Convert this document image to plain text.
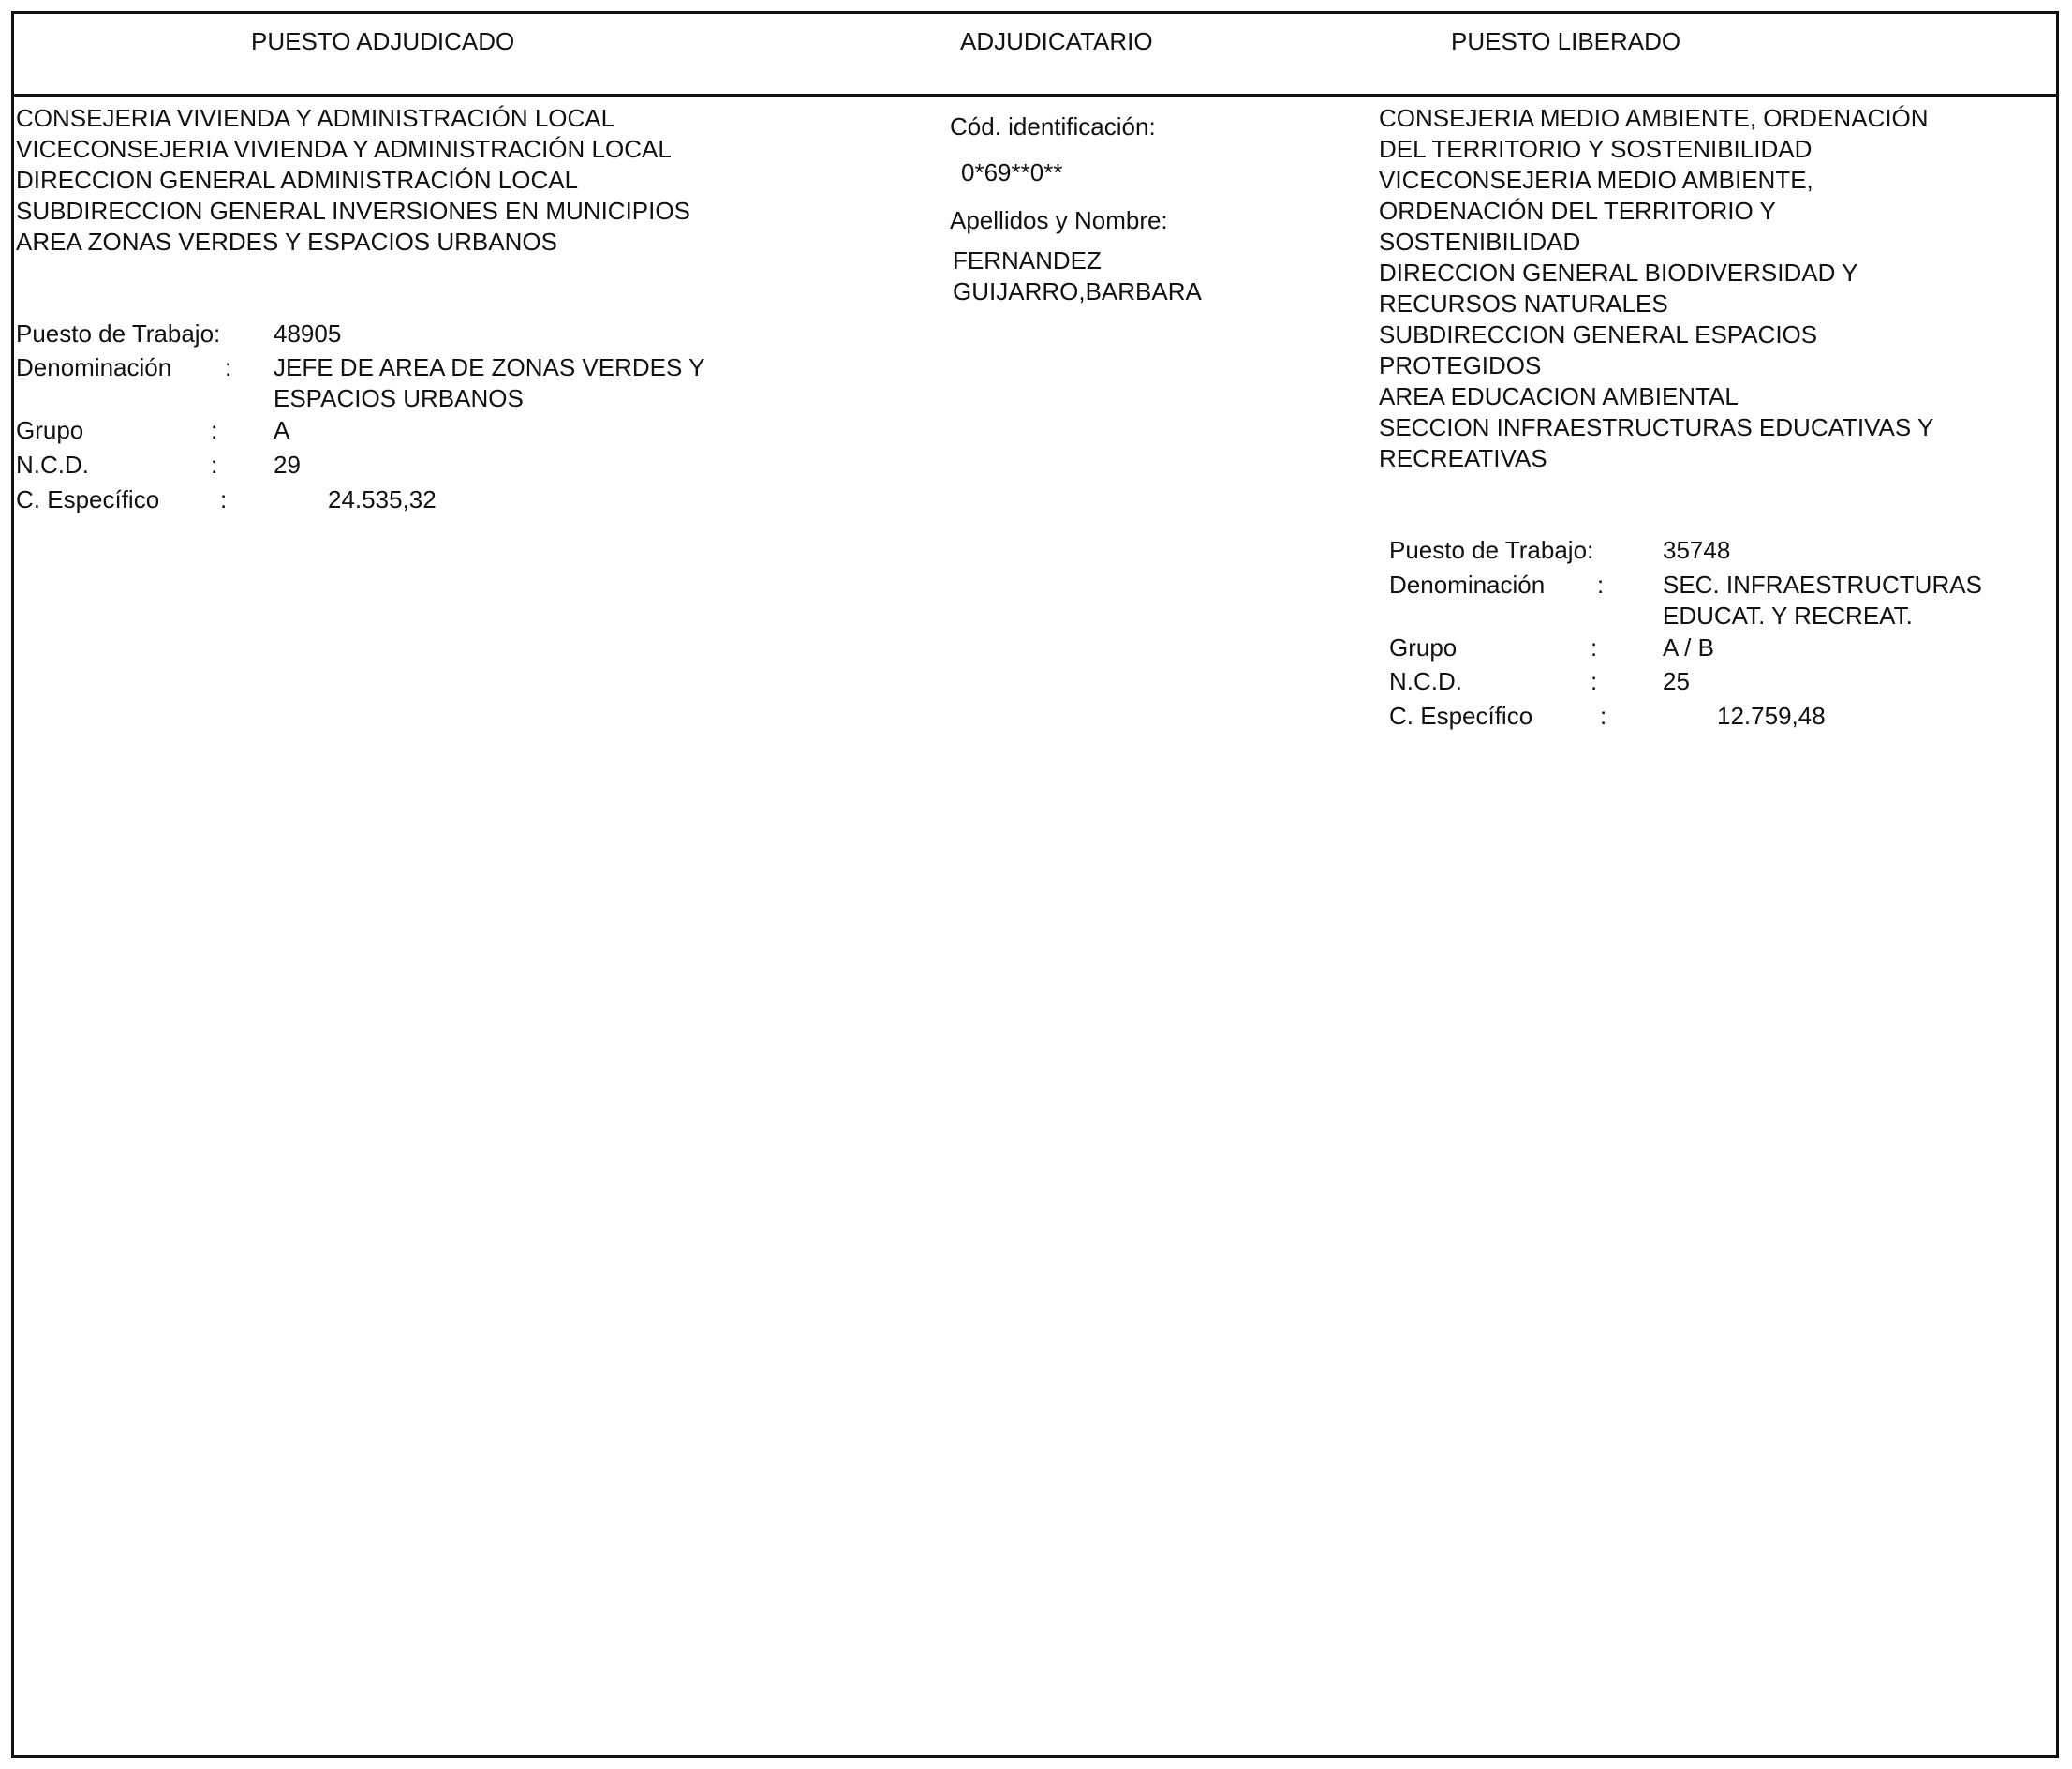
PUESTO ADJUDICADO	ADJUDICATARIO	PUESTO LIBERADO
CONSEJERIA VIVIENDA Y ADMINISTRACIÓN LOCAL
VICECONSEJERIA VIVIENDA Y ADMINISTRACIÓN LOCAL
DIRECCION GENERAL ADMINISTRACIÓN LOCAL
SUBDIRECCION GENERAL INVERSIONES EN MUNICIPIOS
AREA ZONAS VERDES Y ESPACIOS URBANOS
Puesto de Trabajo: 48905
Denominación : JEFE DE AREA DE ZONAS VERDES Y
ESPACIOS URBANOS
Grupo	: A
N.C.D.	: 29
C. Específico :	24.535,32
Cód. identificación:
0*69**0**
Apellidos y Nombre:
FERNANDEZ
GUIJARRO,BARBARA
CONSEJERIA MEDIO AMBIENTE, ORDENACIÓN
DEL TERRITORIO Y SOSTENIBILIDAD
VICECONSEJERIA MEDIO AMBIENTE,
ORDENACIÓN DEL TERRITORIO Y
SOSTENIBILIDAD
DIRECCION GENERAL BIODIVERSIDAD Y
RECURSOS NATURALES
SUBDIRECCION GENERAL ESPACIOS
PROTEGIDOS
AREA EDUCACION AMBIENTAL
SECCION INFRAESTRUCTURAS EDUCATIVAS Y
RECREATIVAS
Puesto de Trabajo:	35748
Denominación : SEC. INFRAESTRUCTURAS
EDUCAT. Y RECREAT.
Grupo	:	A / B
N.C.D.	:	25
C. Específico	:	12.759,48
